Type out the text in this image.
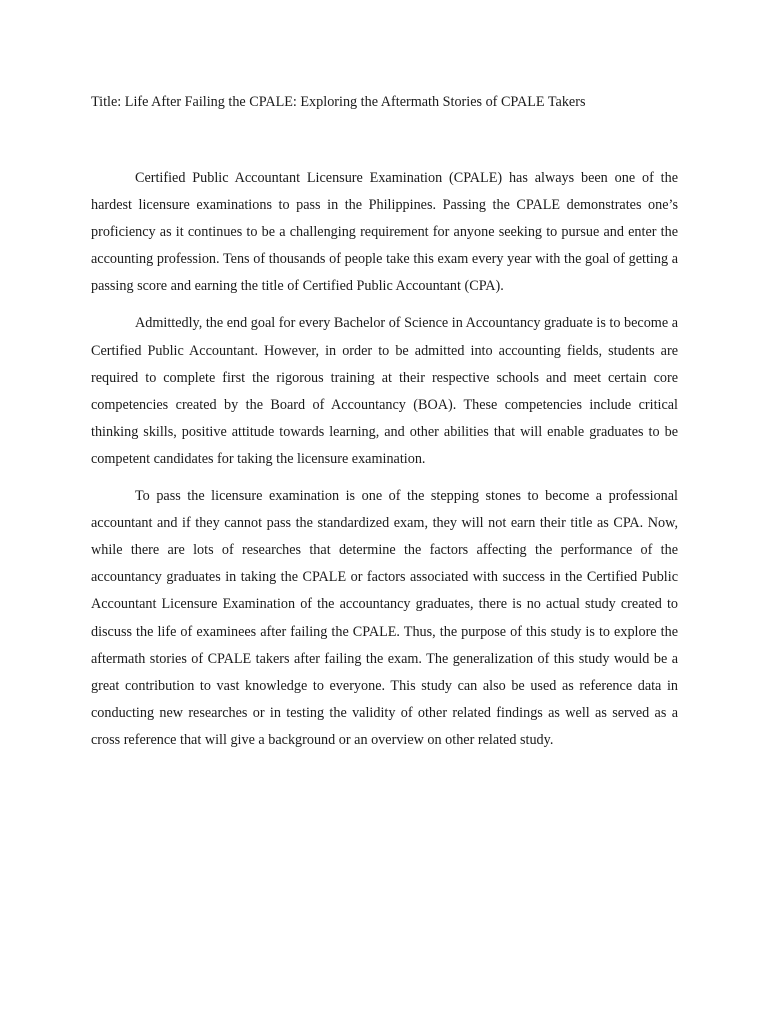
Title: Life After Failing the CPALE: Exploring the Aftermath Stories of CPALE Takers

Certified Public Accountant Licensure Examination (CPALE) has always been one of the hardest licensure examinations to pass in the Philippines. Passing the CPALE demonstrates one’s proficiency as it continues to be a challenging requirement for anyone seeking to pursue and enter the accounting profession. Tens of thousands of people take this exam every year with the goal of getting a passing score and earning the title of Certified Public Accountant (CPA).

Admittedly, the end goal for every Bachelor of Science in Accountancy graduate is to become a Certified Public Accountant. However, in order to be admitted into accounting fields, students are required to complete first the rigorous training at their respective schools and meet certain core competencies created by the Board of Accountancy (BOA). These competencies include critical thinking skills, positive attitude towards learning, and other abilities that will enable graduates to be competent candidates for taking the licensure examination.

To pass the licensure examination is one of the stepping stones to become a professional accountant and if they cannot pass the standardized exam, they will not earn their title as CPA. Now, while there are lots of researches that determine the factors affecting the performance of the accountancy graduates in taking the CPALE or factors associated with success in the Certified Public Accountant Licensure Examination of the accountancy graduates, there is no actual study created to discuss the life of examinees after failing the CPALE. Thus, the purpose of this study is to explore the aftermath stories of CPALE takers after failing the exam. The generalization of this study would be a great contribution to vast knowledge to everyone. This study can also be used as reference data in conducting new researches or in testing the validity of other related findings as well as served as a cross reference that will give a background or an overview on other related study.
